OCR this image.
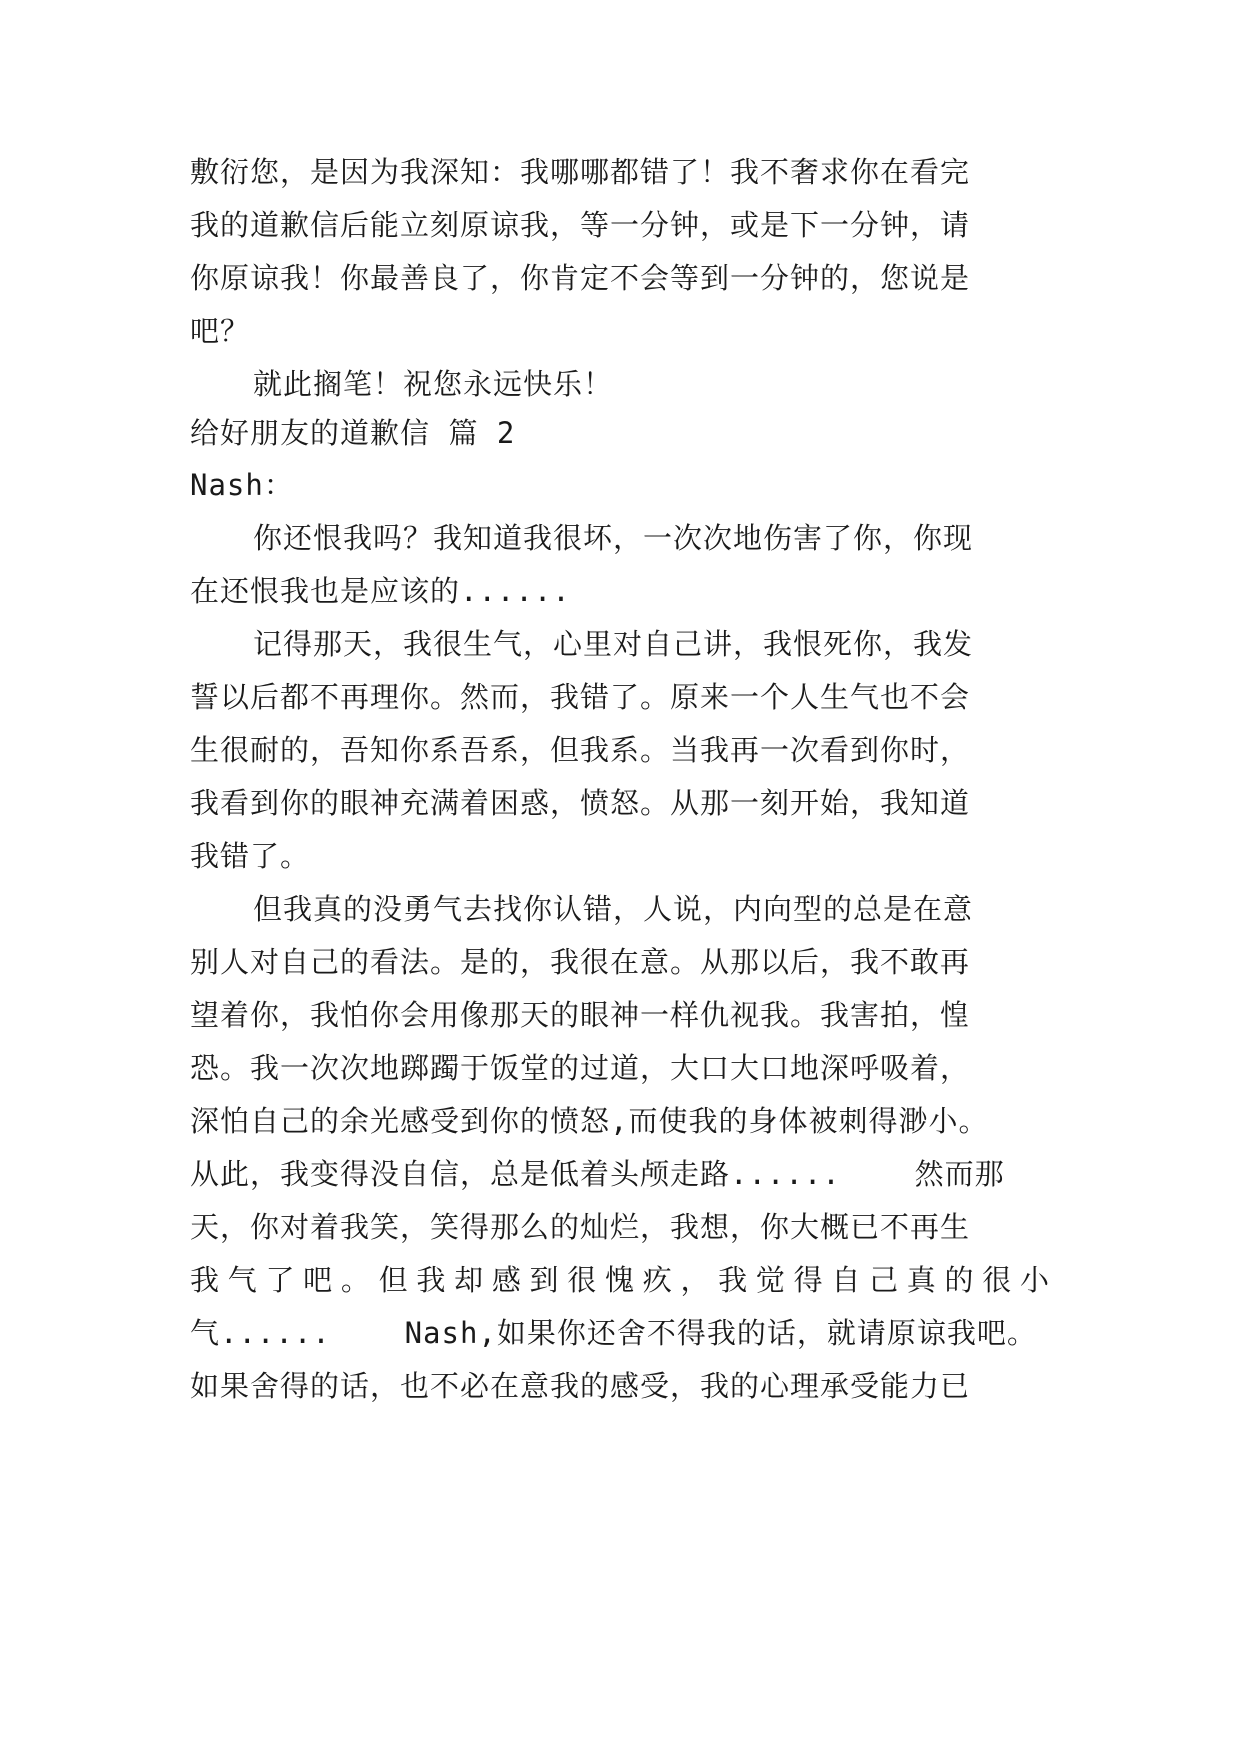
敷衍您，是因为我深知：我哪哪都错了！我不奢求你在看完
我的道歉信后能立刻原谅我，等一分钟，或是下一分钟，请
你原谅我！你最善良了，你肯定不会等到一分钟的，您说是
吧？
就此搁笔！祝您永远快乐！
给好朋友的道歉信 篇 2
Nash：
你还恨我吗？我知道我很坏，一次次地伤害了你，你现
在还恨我也是应该的......
记得那天，我很生气，心里对自己讲，我恨死你，我发
誓以后都不再理你。然而，我错了。原来一个人生气也不会
生很耐的，吾知你系吾系，但我系。当我再一次看到你时，
我看到你的眼神充满着困惑，愤怒。从那一刻开始，我知道
我错了。
但我真的没勇气去找你认错，人说，内向型的总是在意
别人对自己的看法。是的，我很在意。从那以后，我不敢再
望着你，我怕你会用像那天的眼神一样仇视我。我害拍，惶
恐。我一次次地踯躅于饭堂的过道，大口大口地深呼吸着，
深怕自己的余光感受到你的愤怒,而使我的身体被刺得渺小。
从此，我变得没自信，总是低着头颅走路......    然而那
天，你对着我笑，笑得那么的灿烂，我想，你大概已不再生
我气了吧。但我却感到很愧疚，我觉得自己真的很小
气......    Nash,如果你还舍不得我的话，就请原谅我吧。
如果舍得的话，也不必在意我的感受，我的心理承受能力已
